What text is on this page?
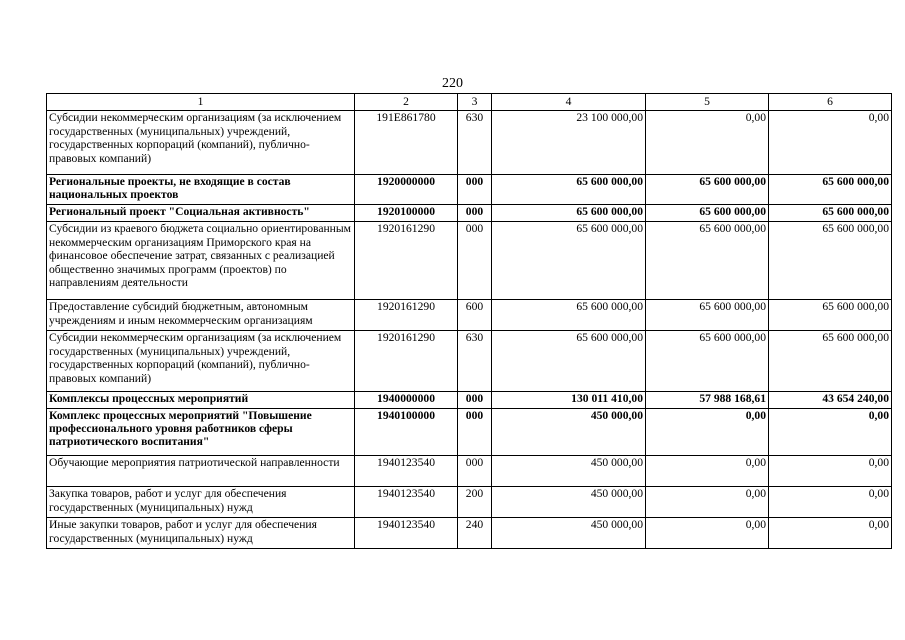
220
1	2	3	4	5	6
Субсидии некоммерческим организациям (за исключением государственных (муниципальных) учреждений, государственных корпораций (компаний), публично-правовых компаний)	191E861780	630	23 100 000,00	0,00	0,00
Региональные проекты, не входящие в состав национальных проектов	1920000000	000	65 600 000,00	65 600 000,00	65 600 000,00
Региональный проект "Социальная активность"	1920100000	000	65 600 000,00	65 600 000,00	65 600 000,00
Субсидии из краевого бюджета социально ориентированным некоммерческим организациям Приморского края на финансовое обеспечение затрат, связанных с реализацией общественно значимых программ (проектов) по направлениям деятельности	1920161290	000	65 600 000,00	65 600 000,00	65 600 000,00
Предоставление субсидий бюджетным, автономным учреждениям и иным некоммерческим организациям	1920161290	600	65 600 000,00	65 600 000,00	65 600 000,00
Субсидии некоммерческим организациям (за исключением государственных (муниципальных) учреждений, государственных корпораций (компаний), публично-правовых компаний)	1920161290	630	65 600 000,00	65 600 000,00	65 600 000,00
Комплексы процессных мероприятий	1940000000	000	130 011 410,00	57 988 168,61	43 654 240,00
Комплекс процессных мероприятий "Повышение профессионального уровня работников сферы патриотического воспитания"	1940100000	000	450 000,00	0,00	0,00
Обучающие мероприятия патриотической направленности	1940123540	000	450 000,00	0,00	0,00
Закупка товаров, работ и услуг для обеспечения государственных (муниципальных) нужд	1940123540	200	450 000,00	0,00	0,00
Иные закупки товаров, работ и услуг для обеспечения государственных (муниципальных) нужд	1940123540	240	450 000,00	0,00	0,00
